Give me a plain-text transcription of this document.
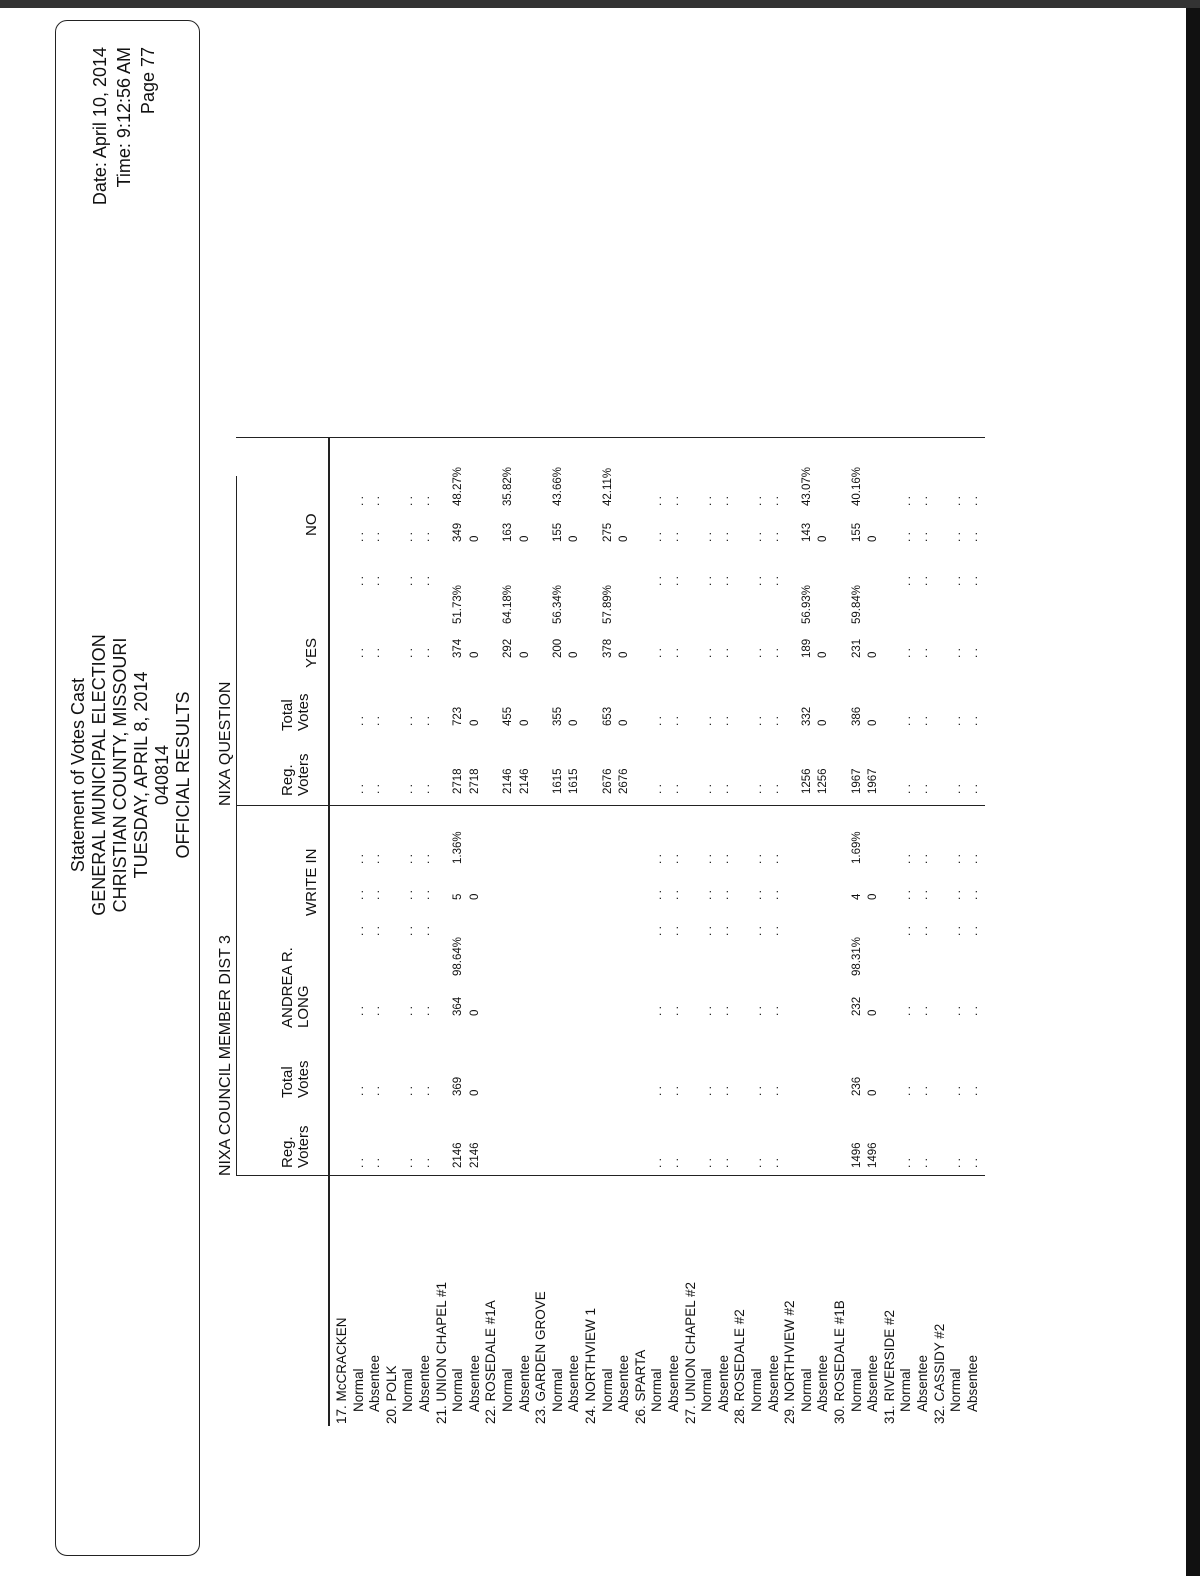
Statement of Votes Cast GENERAL MUNICIPAL ELECTION CHRISTIAN COUNTY, MISSOURI TUESDAY, APRIL 8, 2014 040814 OFFICIAL RESULTS
Date: April 10, 2014 Time: 9:12:56 AM Page 77
NIXA COUNCIL MEMBER DIST 3
NIXA QUESTION
Reg. Voters
Total Votes
ANDREA R. LONG
WRITE IN
Reg. Voters
Total Votes
YES
NO
17. McCRACKEN Normal
. .
. .
. .
. .
. .
. .
. .
. .
. .
. .
. .
. .
Absentee
. .
. .
. .
. .
. .
. .
. .
. .
. .
. .
. .
. .
20. POLK Normal
. .
. .
. .
. .
. .
. .
. .
. .
. .
. .
. .
. .
Absentee
. .
. .
. .
. .
. .
. .
. .
. .
. .
. .
. .
. .
21. UNION CHAPEL #1 Normal Absentee 22. ROSEDALE #1A Normal Absentee 23. GARDEN GROVE Normal Absentee 24. NORTHVIEW 1 Normal Absentee 26. SPARTA Normal
. .
. .
. .
. .
. .
. .
. .
. .
. .
. .
. .
. .
Absentee
. .
. .
. .
. .
. .
. .
. .
. .
. .
. .
. .
. .
27. UNION CHAPEL #2 Normal
. .
. .
. .
. .
. .
. .
. .
. .
. .
. .
. .
. .
Absentee
. .
. .
. .
. .
. .
. .
. .
. .
. .
. .
. .
. .
28. ROSEDALE #2 Normal
. .
. .
. .
. .
. .
. .
. .
. .
. .
. .
. .
. .
Absentee
. .
. .
. .
. .
. .
. .
. .
. .
. .
. .
. .
. .
29. NORTHVIEW #2 Normal Absentee 30. ROSEDALE #1B Normal Absentee 31. RIVERSIDE #2 Normal
. .
. .
. .
. .
. .
. .
. .
. .
. .
. .
. .
. .
Absentee
. .
. .
. .
. .
. .
. .
. .
. .
. .
. .
. .
. .
32. CASSIDY #2 Normal
. .
. .
. .
. .
. .
. .
. .
. .
. .
. .
. .
. .
Absentee
. .
. .
. .
. .
. .
. .
. .
. .
. .
. .
. .
. .
2146 2146
369 0
364 0
98.64%
5 0
1.36%
1496 1496
236 0
232 0
98.31%
4 0
1.69%
2718 2718
723 0
374 0
51.73%
349 0
48.27%
2146 2146
455 0
292 0
64.18%
163 0
35.82%
1615 1615
355 0
200 0
56.34%
155 0
43.66%
2676 2676
653 0
378 0
57.89%
275 0
42.11%
1256 1256
332 0
189 0
56.93%
143 0
43.07%
1967 1967
386 0
231 0
59.84%
155 0
40.16%
